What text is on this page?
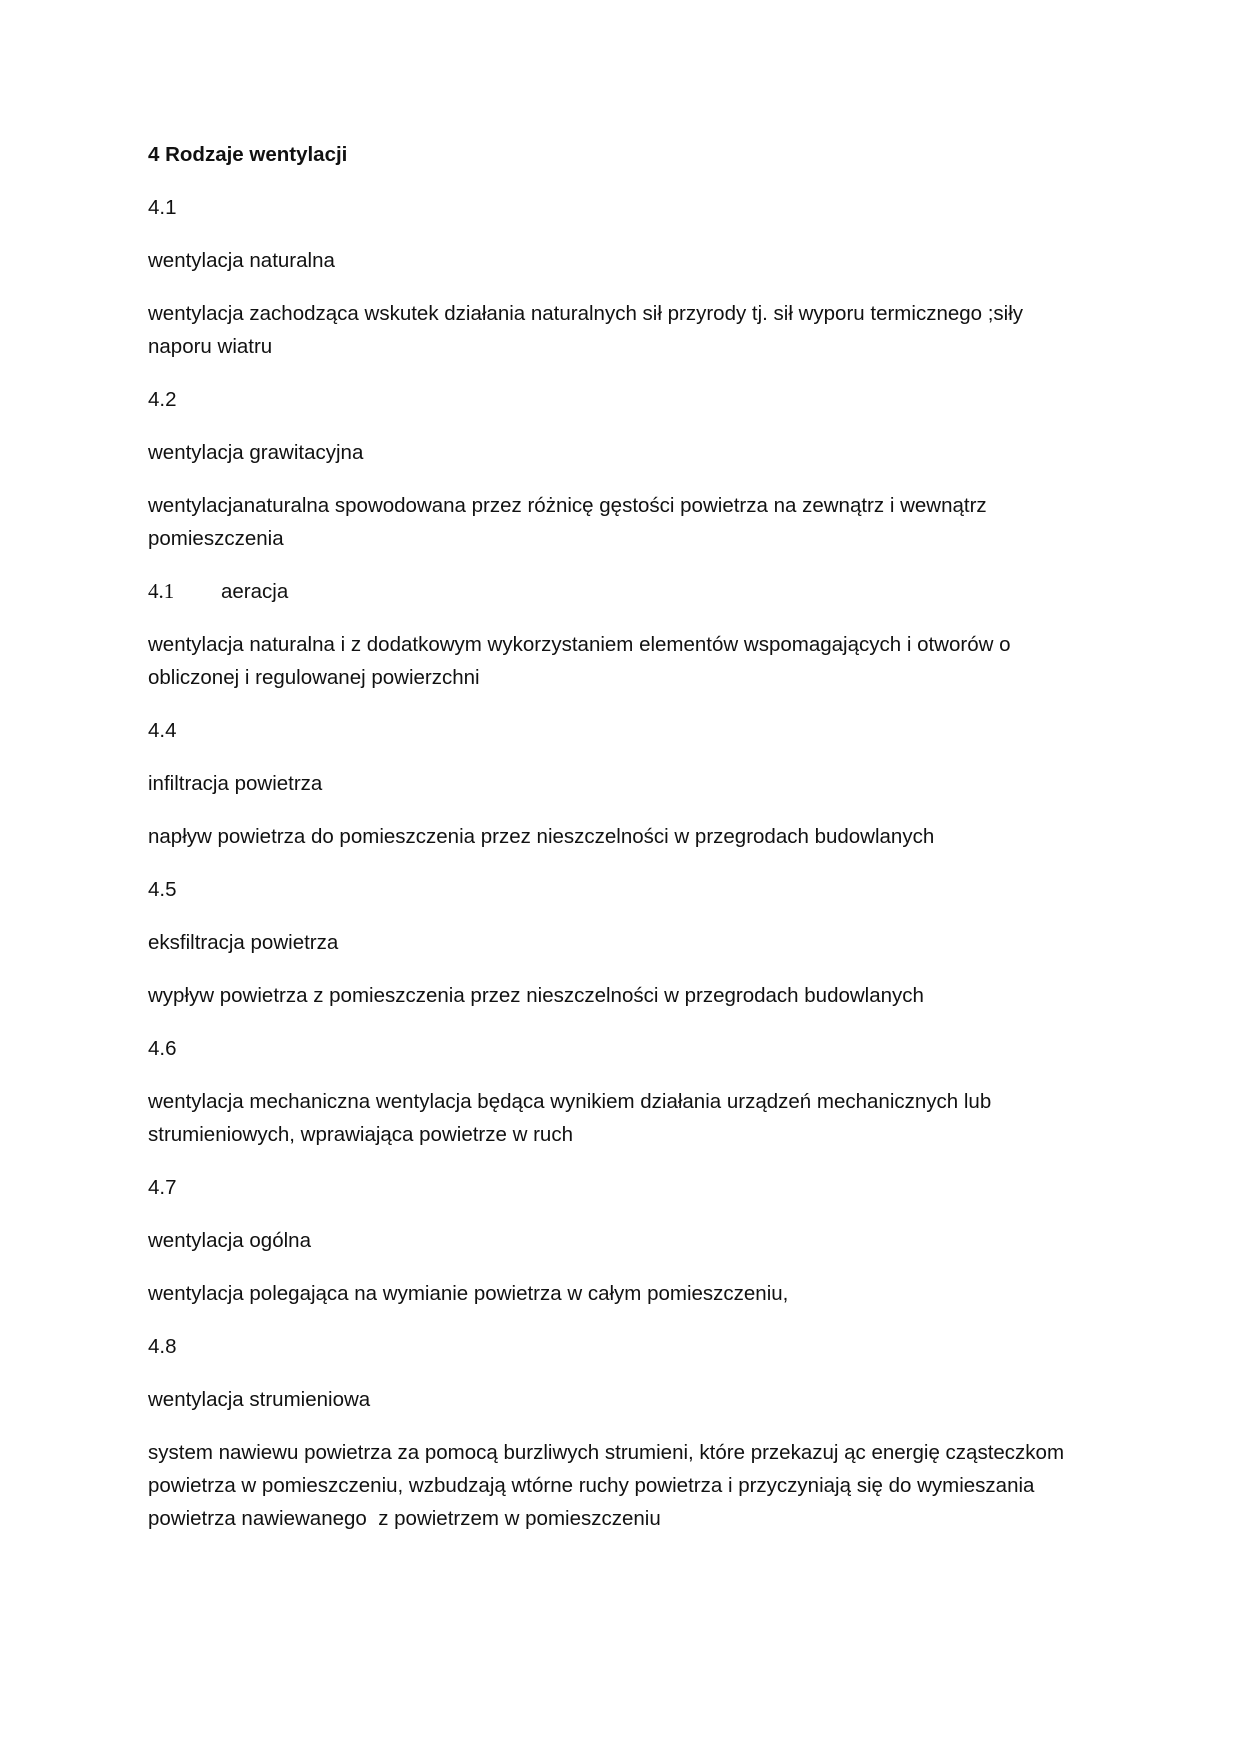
4 Rodzaje wentylacji

4.1

wentylacja naturalna

wentylacja zachodząca wskutek działania naturalnych sił przyrody tj. sił wyporu termicznego ;siły

naporu wiatru

4.2

wentylacja grawitacyjna

wentylacjanaturalna spowodowana przez różnicę gęstości powietrza na zewnątrz i wewnątrz

pomieszczenia

4.1 aeracja

wentylacja naturalna i z dodatkowym wykorzystaniem elementów wspomagających i otworów o

obliczonej i regulowanej powierzchni

4.4

infiltracja powietrza

napływ powietrza do pomieszczenia przez nieszczelności w przegrodach budowlanych

4.5

eksfiltracja powietrza

wypływ powietrza z pomieszczenia przez nieszczelności w przegrodach budowlanych

4.6

wentylacja mechaniczna wentylacja będąca wynikiem działania urządzeń mechanicznych lub

strumieniowych, wprawiająca powietrze w ruch

4.7

wentylacja ogólna

wentylacja polegająca na wymianie powietrza w całym pomieszczeniu,

4.8

wentylacja strumieniowa

system nawiewu powietrza za pomocą burzliwych strumieni, które przekazuj ąc energię cząsteczkom

powietrza w pomieszczeniu, wzbudzają wtórne ruchy powietrza i przyczyniają się do wymieszania

powietrza nawiewanego  z powietrzem w pomieszczeniu
